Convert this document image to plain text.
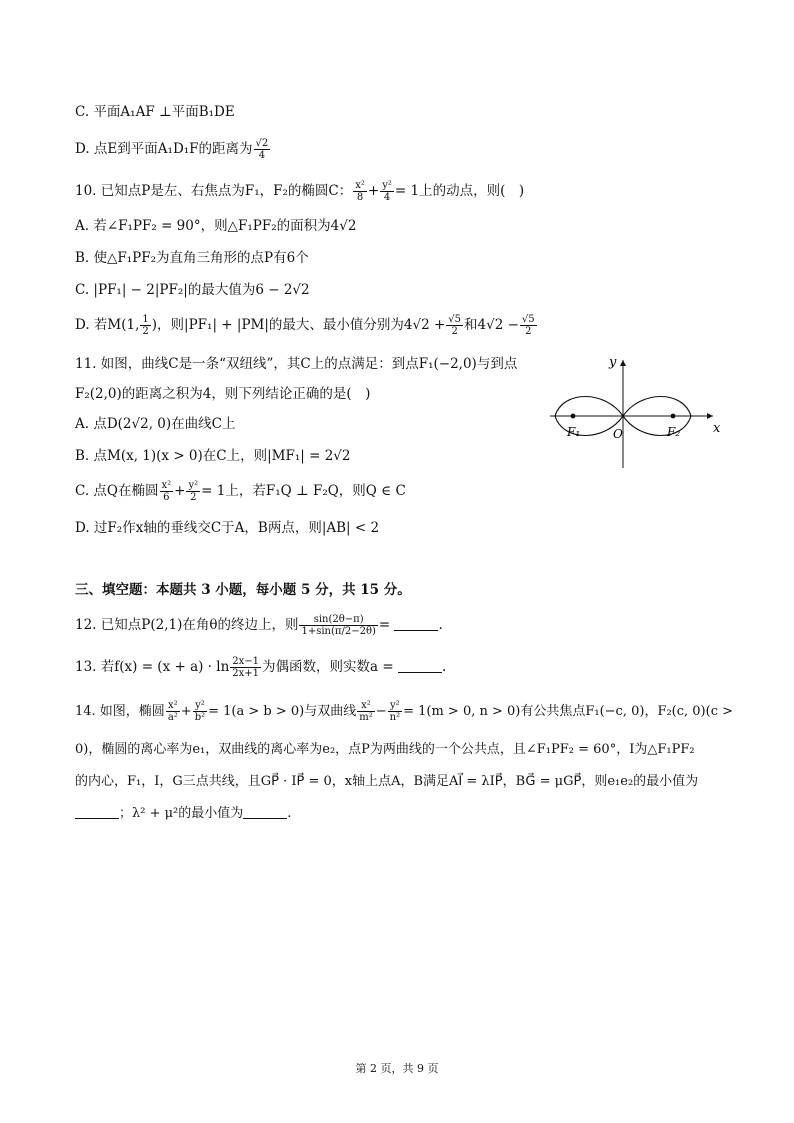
C. 平面A₁AF ⊥平面B₁DE
D. 点E到平面A₁D₁F的距离为 $\frac{√2}{4}$
10. 已知点P是左、右焦点为F₁，F₂的椭圆C： $\frac{\text{x²}}{8} + \frac{\text{y²}}{4} = 1$上的动点，则(　)
A. 若∠F₁PF₂ = 90°，则△F₁PF₂的面积为4√2
B. 使△F₁PF₂为直角三角形的点P有6个
C. |PF₁| − 2|PF₂|的最大值为6 − 2√2
D. 若M(1, $\frac{1}{2}$ )，则|PF₁| + |PM|的最大、最小值分别为$4√2 + \frac{√5}{2}$ 和$4√2 - \frac{√5}{2}$
11. 如图，曲线C是一条“双纽线”，其C上的点满足：到点F₁(−2,0)与到点
F₂(2,0)的距离之积为4，则下列结论正确的是(　)
A. 点D(2√2, 0)在曲线C上
B. 点M(x, 1)(x > 0)在C上，则|MF₁| = 2√2
C. 点Q在椭圆 $\frac{\text{x²}}{6} + \frac{\text{y²}}{2} = 1$上，若F₁Q ⊥ F₂Q，则Q ∈ C
D. 过F₂作x轴的垂线交C于A，B两点，则|AB| < 2
y
x
F₁	O	F₂
三、填空题：本题共 3 小题，每小题 5 分，共 15 分。
12. 已知点P(2,1)在角θ的终边上，则 $\frac{\sin(2\theta-\pi)}{1+\sin(\pi/2-2\theta)}$ =	.
13. 若$f(x) = (x + a) \cdot \ln \frac{2x-1}{2x+1}$ 为偶函数，则实数a =	.
14. 如图，椭圆 $\frac{\text{x²}}{\text{a²}} + \frac{\text{y²}}{\text{b²}} = 1(a > b > 0)$与双曲线 $\frac{\text{x²}}{\text{m²}} - \frac{\text{y²}}{\text{n²}} = 1(m > 0$, n > 0)有公共焦点F₁(−c, 0)，F₂(c, 0)(c >
0)，椭圆的离心率为e₁，双曲线的离心率为e₂，点P为两曲线的一个公共点，且∠F₁PF₂ = 60°，I为△F₁PF₂
的内心，F₁，I，G三点共线，且GP⃗ · IP⃗ = 0，x轴上点A，B满足AI⃗ = λIP⃗，BG⃗ = μGP⃗，则e₁e₂的最小值为
；λ² + μ²的最小值为	.
第 2 页，共 9 页
